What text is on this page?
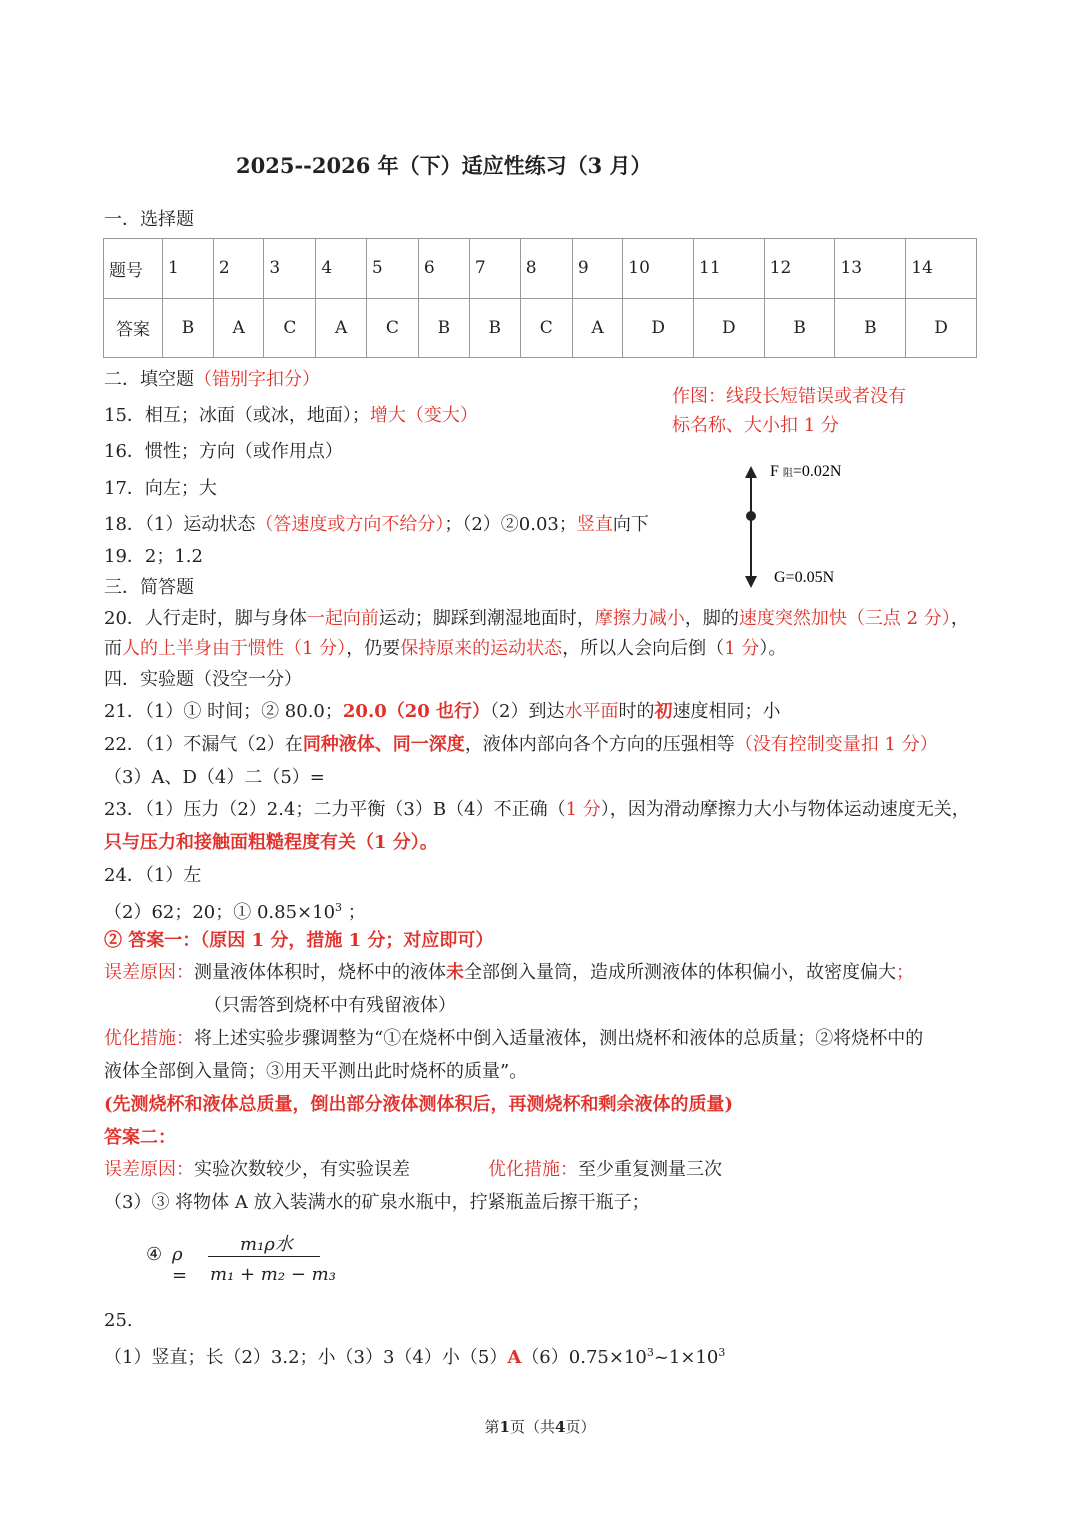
2025--2026 年（下）适应性练习（3 月）
一．选择题
题号	1	2	3	4	5	6	7	8	9	10	11	12	13	14
答案	B	A	C	A	C	B	B	C	A	D	D	B	B	D
二．填空题（错别字扣分）
作图：线段长短错误或者没有
标名称、大小扣 1 分
F 阻=0.02N
G=0.05N
15．相互；冰面（或冰，地面）；增大（变大）
16．惯性；方向（或作用点）
17．向左；大
18．（1）运动状态（答速度或方向不给分）；（2）②0.03；竖直向下
19．2；1.2
三．简答题
20．人行走时，脚与身体一起向前运动；脚踩到潮湿地面时，摩擦力减小，脚的速度突然加快（三点 2 分），
而人的上半身由于惯性（1 分），仍要保持原来的运动状态，所以人会向后倒（1 分）。
四．实验题（没空一分）
21．（1）① 时间；② 80.0；20.0（20 也行）（2）到达水平面时的初速度相同；小
22．（1）不漏气（2）在同种液体、同一深度，液体内部向各个方向的压强相等（没有控制变量扣 1 分）
（3）A、D（4）二（5）=
23．（1）压力（2）2.4；二力平衡（3）B（4）不正确（1 分），因为滑动摩擦力大小与物体运动速度无关，
只与压力和接触面粗糙程度有关（1 分）。
24．（1）左
（2）62；20；① $0.85\times 10^3$ ；
② 答案一：（原因 1 分，措施 1 分；对应即可）
误差原因：测量液体体积时，烧杯中的液体未全部倒入量筒，造成所测液体的体积偏小，故密度偏大；
（只需答到烧杯中有残留液体）
优化措施：将上述实验步骤调整为“①在烧杯中倒入适量液体，测出烧杯和液体的总质量；②将烧杯中的
液体全部倒入量筒；③用天平测出此时烧杯的质量”。
(先测烧杯和液体总质量，倒出部分液体测体积后，再测烧杯和剩余液体的质量)
答案二：
误差原因：实验次数较少，有实验误差	优化措施：至少重复测量三次
（3）③ 将物体 A 放入装满水的矿泉水瓶中，拧紧瓶盖后擦干瓶子；
④ ρ =
m₁ρ水
m₁ + m₂ − m₃
25.
（1）竖直；长（2）3.2；小（3）3（4）小$(5)A(6)0.75\times 10^3\sim 1\times 10^3$
第1页（共4页）
